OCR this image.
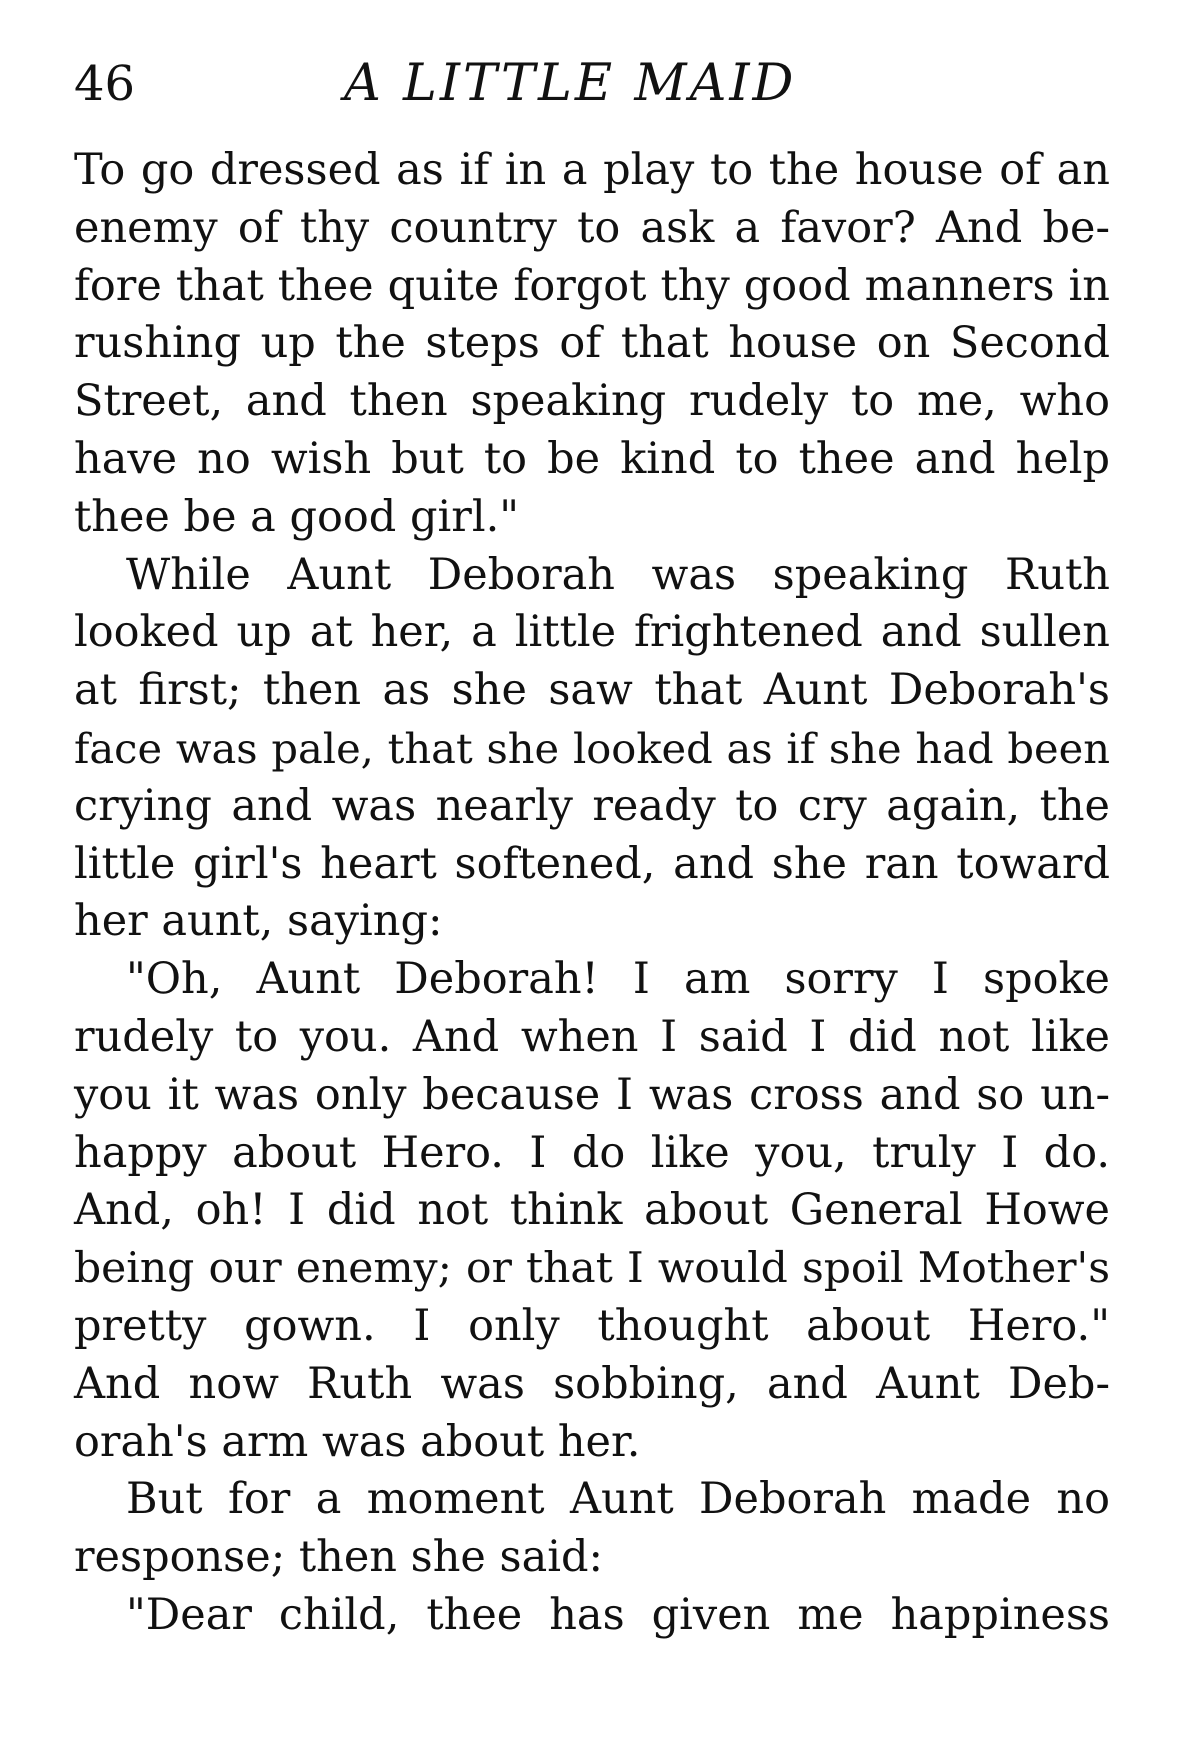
46	A LITTLE MAID
To go dressed as if in a play to the house of an
enemy of thy country to ask a favor? And be-
fore that thee quite forgot thy good manners in
rushing up the steps of that house on Second
Street, and then speaking rudely to me, who
have no wish but to be kind to thee and help
thee be a good girl."
While Aunt Deborah was speaking Ruth
looked up at her, a little frightened and sullen
at first; then as she saw that Aunt Deborah's
face was pale, that she looked as if she had been
crying and was nearly ready to cry again, the
little girl's heart softened, and she ran toward
her aunt, saying:
"Oh, Aunt Deborah! I am sorry I spoke
rudely to you. And when I said I did not like
you it was only because I was cross and so un-
happy about Hero. I do like you, truly I do.
And, oh! I did not think about General Howe
being our enemy; or that I would spoil Mother's
pretty gown. I only thought about Hero."
And now Ruth was sobbing, and Aunt Deb-
orah's arm was about her.
But for a moment Aunt Deborah made no
response; then she said:
"Dear child, thee has given me happiness
